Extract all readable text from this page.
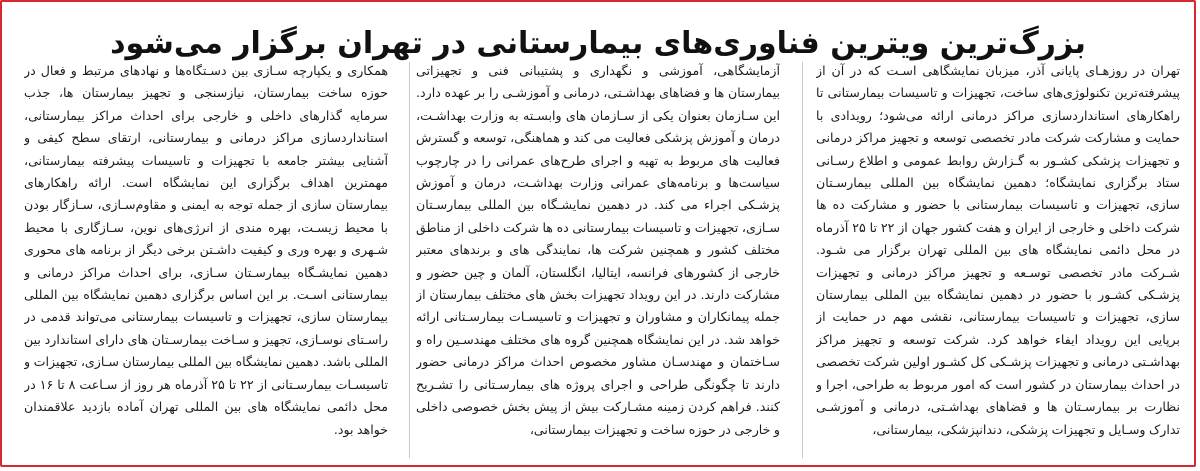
بزرگ‌ترین ویترین فناوری‌های بیمارستانی در تهران برگزار می‌شود
تهران در روزهـای پایانی آذر، میزبان نمایشگاهی اسـت که در آن از پیشرفته‌ترین تکنولوژی‌های ساخت، تجهیزات و تاسیسات بیمارستانی تا راهکارهای استانداردسازی مراکز درمانی ارائه می‌شود؛ رویدادی با حمایت و مشارکت شرکت مادر تخصصی توسعه و تجهیز مراکز درمانی و تجهیزات پزشکی کشـور به گـزارش روابط عمومی و اطلاع رسـانی ستاد برگزاری نمایشگاه؛ دهمین نمایشگاه بین المللی بیمارسـتان سازی، تجهیزات و تاسیسات بیمارستانی با حضور و مشارکت ده ها شرکت داخلی و خارجی از ایران و هفت کشور جهان از ۲۲ تا ۲۵ آذرماه در محل دائمی نمایشگاه های بین المللی تهران برگزار می شـود. شـرکت مادر تخصصی توسـعه و تجهیز مراکز درمانی و تجهیزات پزشـکی کشـور با حضور در دهمین نمایشگاه بین المللی بیمارستان سازی، تجهیزات و تاسیسات بیمارستانی، نقشی مهم در حمایت از برپایی این رویداد ایفاء خواهد کرد. شرکت توسعه و تجهیز مراکز بهداشـتی درمانی و تجهیزات پزشـکی کل کشـور اولین شرکت تخصصی در احداث بیمارستان در کشور است که امور مربوط به طراحی، اجرا و نظارت بر بیمارسـتان ها و فضاهای بهداشـتی، درمانی و آموزشـی تدارک وسـایل و تجهیزات پزشکی، دندانپزشکی، بیمارستانی،
آزمایشگاهی، آموزشی و نگهداری و پشتیبانی فنی و تجهیزاتی بیمارستان ها و فضاهای بهداشـتی، درمانی و آموزشـی را بر عهده دارد. این سـازمان بعنوان یکی از سـازمان های وابسـته به وزارت بهداشـت، درمان و آموزش پزشکی فعالیت می کند و هماهنگی، توسعه و گسترش فعالیت های مربوط به تهیه و اجرای طرح‌های عمرانی را در چارچوب سیاست‌ها و برنامه‌های عمرانی وزارت بهداشـت، درمان و آموزش پزشـکی اجراء می کند. در دهمین نمایشـگاه بین المللی بیمارسـتان سـازی، تجهیزات و تاسیسات بیمارستانی ده ها شرکت داخلی از مناطق مختلف کشور و همچنین شرکت ها، نمایندگی های و برندهای معتبر خارجی از کشورهای فرانسه، ایتالیا، انگلستان، آلمان و چین حضور و مشارکت دارند. در این رویداد تجهیزات بخش های مختلف بیمارستان از جمله پیمانکاران و مشاوران و تجهیزات و تاسیسـات بیمارسـتانی ارائه خواهد شد. در این نمایشگاه همچنین گروه های مختلف مهندسـین راه و سـاختمان و مهندسـان مشاور مخصوص احداث مراکز درمانی حضور دارند تا چگونگی طراحی و اجرای پروژه های بیمارسـتانی را تشـریح کنند. فراهم کردن زمینه مشـارکت بیش از پیش بخش خصوصی داخلی و خارجی در حوزه ساخت و تجهیزات بیمارستانی،
همکاری و یکپارچه سـازی بین دسـتگاه‌ها و نهادهای مرتبط و فعال در حوزه ساخت بیمارستان، نیازسنجی و تجهیز بیمارستان ها، جذب سرمایه گذارهای داخلی و خارجی برای احداث مراکز بیمارستانی، استانداردسازی مراکز درمانی و بیمارستانی، ارتقای سطح کیفی و آشنایی بیشتر جامعه با تجهیزات و تاسیسات پیشرفته بیمارستانی، مهمترین اهداف برگزاری این نمایشگاه است. ارائه راهکارهای بیمارستان سازی از جمله توجه به ایمنی و مقاوم‌سـازی، سـازگار بودن با محیط زیسـت، بهره مندی از انرژی‌های نوین، سـازگاری با محیط شـهری و بهره وری و کیفیت داشـتن برخی دیگر از برنامه های محوری دهمین نمایشـگاه بیمارسـتان سـازی، برای احداث مراکز درمانی و بیمارستانی اسـت. بر این اساس برگزاری دهمین نمایشگاه بین المللی بیمارستان سازی، تجهیزات و تاسیسات بیمارستانی می‌تواند قدمی در راسـتای نوسـازی، تجهیز و سـاخت بیمارسـتان های دارای استاندارد بین المللی باشد. دهمین نمایشگاه بین المللی بیمارستان سـازی، تجهیزات و تاسیسـات بیمارسـتانی از ۲۲ تا ۲۵ آذرماه هر روز از سـاعت ۸ تا ۱۶ در محل دائمی نمایشگاه های بین المللی تهران آماده بازدید علاقمندان خواهد بود.
